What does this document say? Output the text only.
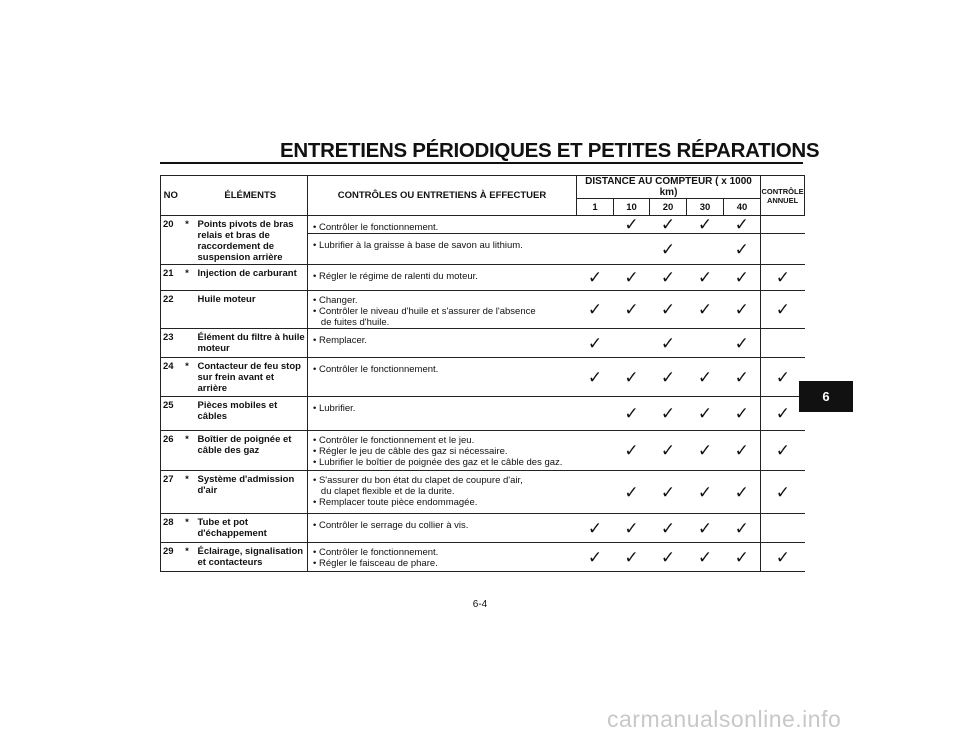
ENTRETIENS PÉRIODIQUES ET PETITES RÉPARATIONS
NO		ÉLÉMENTS	CONTRÔLES OU ENTRETIENS À EFFECTUER	DISTANCE AU COMPTEUR ( x 1000 km)					CONTRÔLE ANNUEL
				1	10	20	30	40	
20	*	Points pivots de bras relais et bras de raccordement de suspension arrière	• Contrôler le fonctionnement.		✓	✓	✓	✓	

			• Lubrifier à la graisse à base de savon au lithium.			✓		✓	
21	*	Injection de carburant	• Régler le régime de ralenti du moteur.	✓	✓	✓	✓	✓	✓
22		Huile moteur	• Changer.
• Contrôler le niveau d'huile et s'assurer de l'absence
de fuites d'huile.	✓	✓	✓	✓	✓	✓
23		Élément du filtre à huile moteur	• Remplacer.	✓		✓		✓	
24	*	Contacteur de feu stop sur frein avant et arrière	• Contrôler le fonctionnement.	✓	✓	✓	✓	✓	✓
25		Pièces mobiles et câbles	• Lubrifier.		✓	✓	✓	✓	✓
26	*	Boîtier de poignée et câble des gaz	• Contrôler le fonctionnement et le jeu.
• Régler le jeu de câble des gaz si nécessaire.
• Lubrifier le boîtier de poignée des gaz et le câble des gaz.		✓	✓	✓	✓	✓
27	*	Système d'admission d'air	• S'assurer du bon état du clapet de coupure d'air,
du clapet flexible et de la durite.
• Remplacer toute pièce endommagée.		✓	✓	✓	✓	✓
28	*	Tube et pot d'échappement	• Contrôler le serrage du collier à vis.	✓	✓	✓	✓	✓	
29	*	Éclairage, signalisation et contacteurs	• Contrôler le fonctionnement.
• Régler le faisceau de phare.	✓	✓	✓	✓	✓	✓
6
6-4
carmanualsonline.info
